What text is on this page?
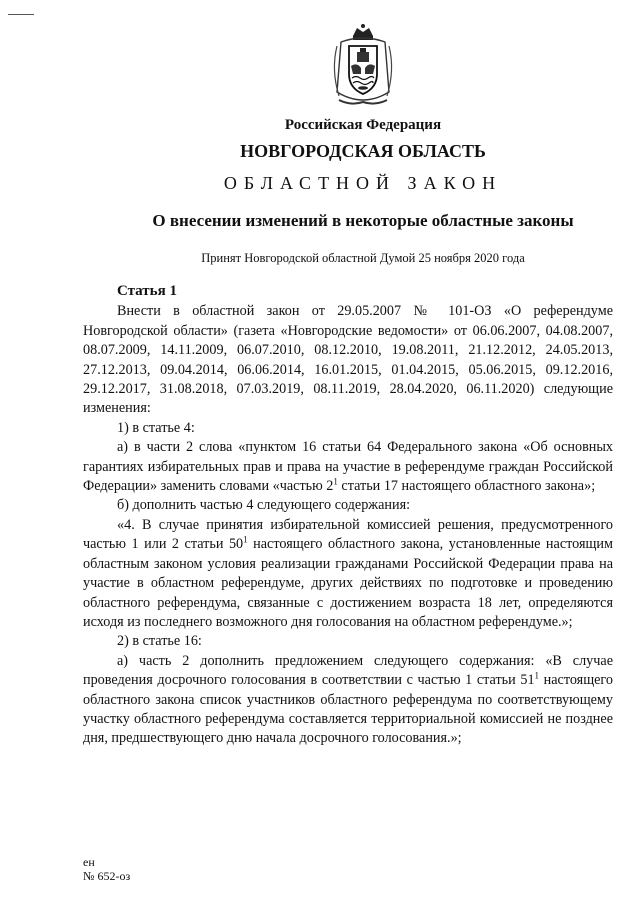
Российская Федерация
НОВГОРОДСКАЯ ОБЛАСТЬ
ОБЛАСТНОЙ ЗАКОН
О внесении изменений в некоторые областные законы
Принят Новгородской областной Думой 25 ноября 2020 года

Статья 1

Внести в областной закон от 29.05.2007 № 101-ОЗ «О референдуме Новгородской области» (газета «Новгородские ведомости» от 06.06.2007, 04.08.2007, 08.07.2009, 14.11.2009, 06.07.2010, 08.12.2010, 19.08.2011, 21.12.2012, 24.05.2013, 27.12.2013, 09.04.2014, 06.06.2014, 16.01.2015, 01.04.2015, 05.06.2015, 09.12.2016, 29.12.2017, 31.08.2018, 07.03.2019, 08.11.2019, 28.04.2020, 06.11.2020) следующие изменения:

1) в статье 4:

а) в части 2 слова «пунктом 16 статьи 64 Федерального закона «Об основных гарантиях избирательных прав и права на участие в референдуме граждан Российской Федерации» заменить словами «частью $2^1$ статьи 17 настоящего областного закона»;

б) дополнить частью 4 следующего содержания:

«4. В случае принятия избирательной комиссией решения, предусмотренного частью 1 или 2 статьи $50^1$ настоящего областного закона, установленные настоящим областным законом условия реализации гражданами Российской Федерации права на участие в областном референдуме, других действиях по подготовке и проведению областного референдума, связанные с достижением возраста 18 лет, определяются исходя из последнего возможного дня голосования на областном референдуме.»;

2) в статье 16:

а) часть 2 дополнить предложением следующего содержания: «В случае проведения досрочного голосования в соответствии с частью 1 статьи $51^1$ настоящего областного закона список участников областного референдума по соответствующему участку областного референдума составляется территориальной комиссией не позднее дня, предшествующего дню начала досрочного голосования.»;

ен
№ 652-оз
